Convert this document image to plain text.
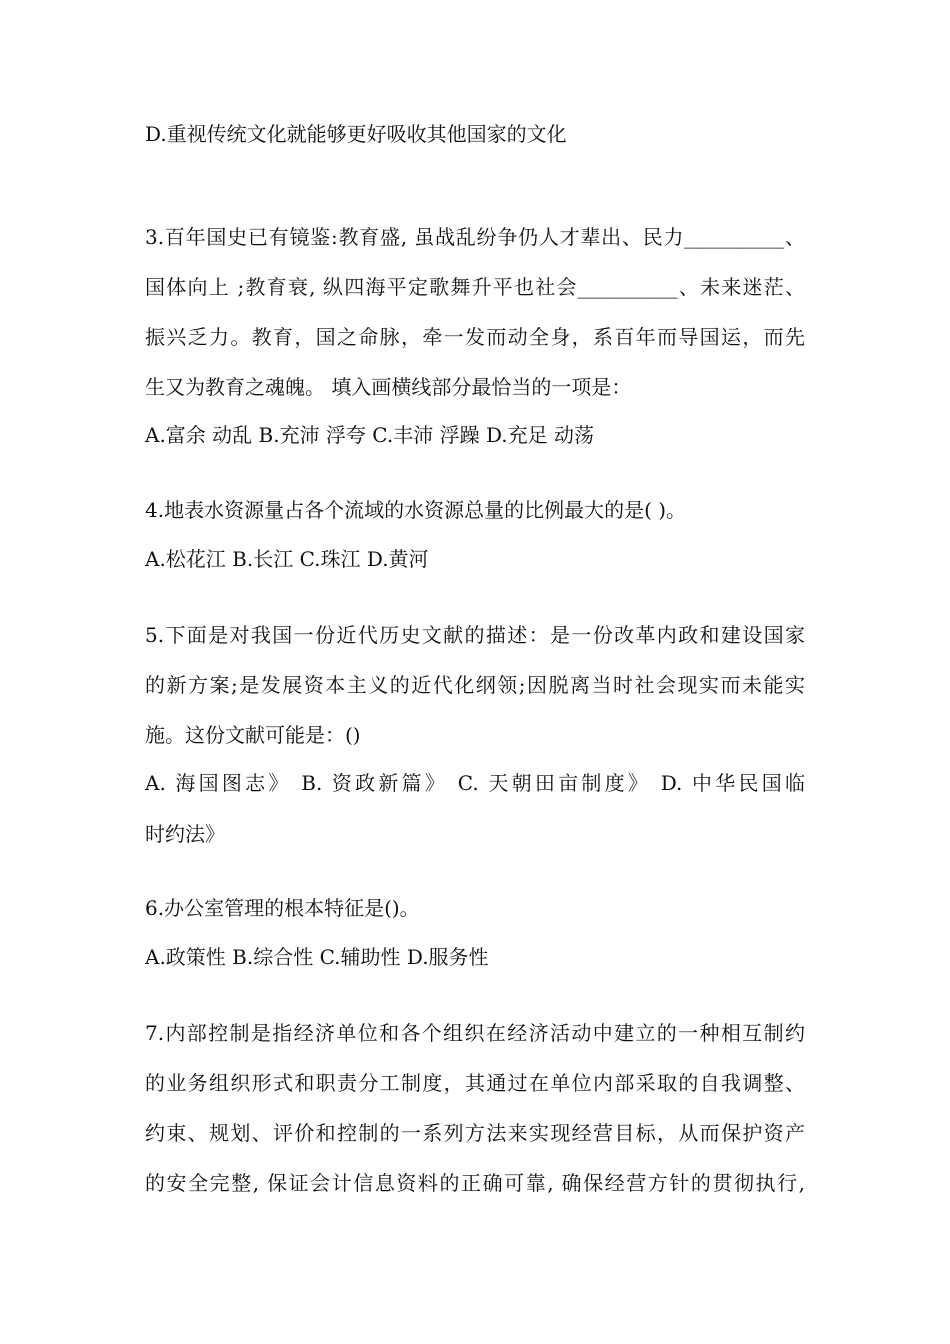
D.重视传统文化就能够更好吸收其他国家的文化
3.百年国史已有镜鉴:教育盛, 虽战乱纷争仍人才辈出、民力__________、
国体向上 ;教育衰, 纵四海平定歌舞升平也社会__________、未来迷茫、
振兴乏力。教育，国之命脉，牵一发而动全身，系百年而导国运，而先
生又为教育之魂魄。 填入画横线部分最恰当的一项是：
A.富余 动乱 B.充沛 浮夸 C.丰沛 浮躁 D.充足 动荡
4.地表水资源量占各个流域的水资源总量的比例最大的是( )。
A.松花江 B.长江 C.珠江 D.黄河
5.下面是对我国一份近代历史文献的描述：是一份改革内政和建设国家
的新方案;是发展资本主义的近代化纲领;因脱离当时社会现实而未能实
施。这份文献可能是：()
A. 海国图志》 B. 资政新篇》 C. 天朝田亩制度》 D. 中华民国临
时约法》
6.办公室管理的根本特征是()。
A.政策性 B.综合性 C.辅助性 D.服务性
7.内部控制是指经济单位和各个组织在经济活动中建立的一种相互制约
的业务组织形式和职责分工制度，其通过在单位内部采取的自我调整、
约束、规划、评价和控制的一系列方法来实现经营目标，从而保护资产
的安全完整, 保证会计信息资料的正确可靠, 确保经营方针的贯彻执行,
